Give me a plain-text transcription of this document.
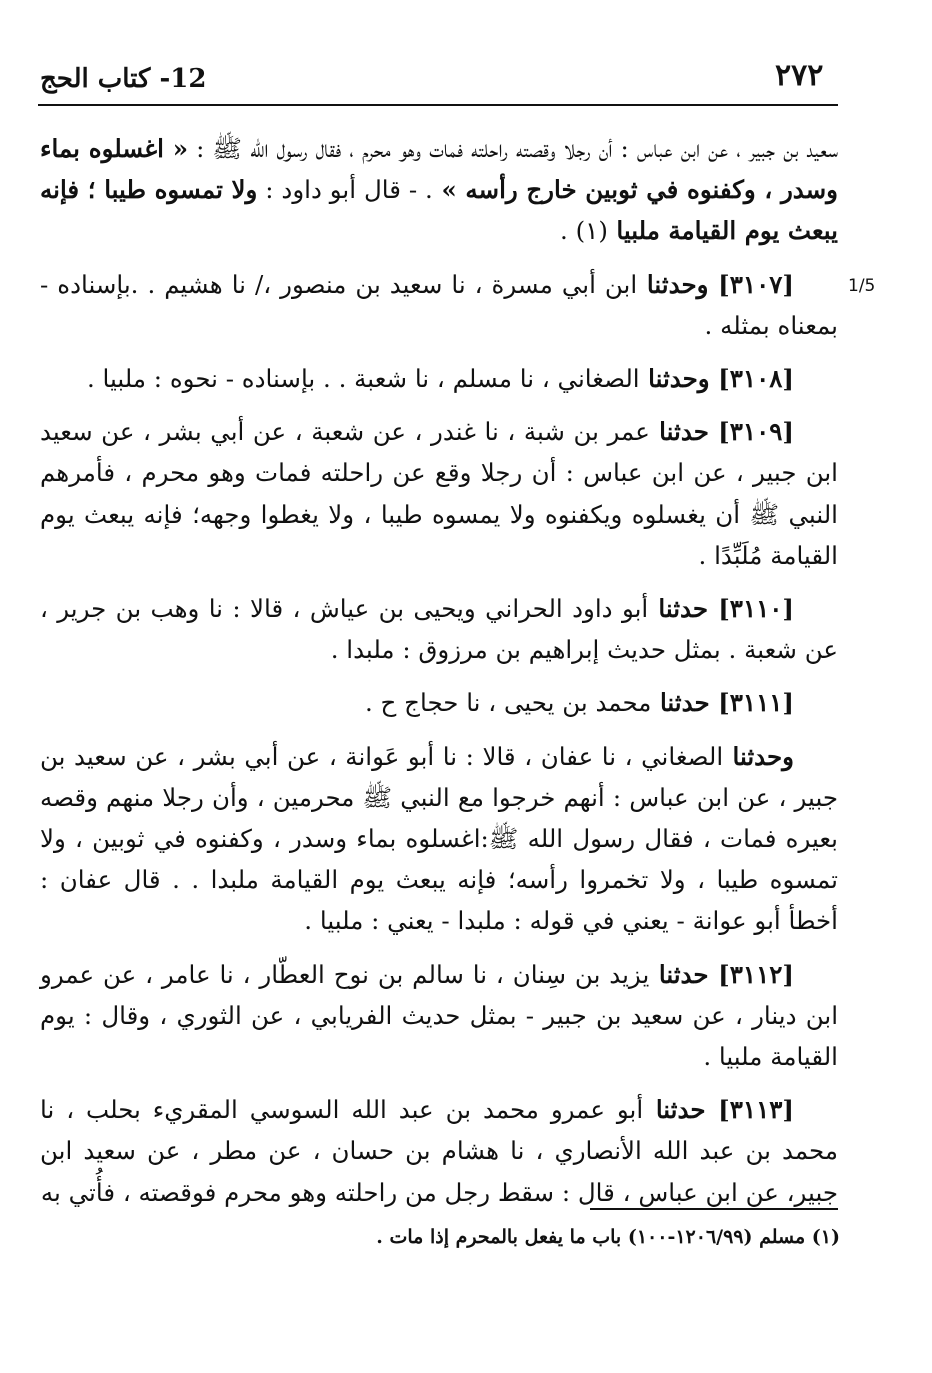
12- كتاب الحج	٢٧٢
1/5

سعيد بن جبير ، عن ابن عباس : أن رجلا وقصته راحلته فمات وهو محرم ، فقال رسول الله ﷺ : « اغسلوه بماء وسدر ، وكفنوه في ثوبين خارج رأسه » . - قال أبو داود : ولا تمسوه طيبا ؛ فإنه يبعث يوم القيامة ملبيا (١) .

[٣١٠٧] وحدثنا ابن أبي مسرة ، نا سعيد بن منصور ،/ نا هشيم . .بإسناده - بمعناه بمثله .

[٣١٠٨] وحدثنا الصغاني ، نا مسلم ، نا شعبة . . بإسناده - نحوه : ملبيا .

[٣١٠٩] حدثنا عمر بن شبة ، نا غندر ، عن شعبة ، عن أبي بشر ، عن سعيد ابن جبير ، عن ابن عباس : أن رجلا وقع عن راحلته فمات وهو محرم ، فأمرهم النبي ﷺ أن يغسلوه ويكفنوه ولا يمسوه طيبا ، ولا يغطوا وجهه؛ فإنه يبعث يوم القيامة مُلَبِّدًا .

[٣١١٠] حدثنا أبو داود الحراني ويحيى بن عياش ، قالا : نا وهب بن جرير ، عن شعبة . بمثل حديث إبراهيم بن مرزوق : ملبدا .

[٣١١١] حدثنا محمد بن يحيى ، نا حجاج ح .

وحدثنا الصغاني ، نا عفان ، قالا : نا أبو عَوانة ، عن أبي بشر ، عن سعيد بن جبير ، عن ابن عباس : أنهم خرجوا مع النبي ﷺ محرمين ، وأن رجلا منهم وقصه بعيره فمات ، فقال رسول الله ﷺ:اغسلوه بماء وسدر ، وكفنوه في ثوبين ، ولا تمسوه طيبا ، ولا تخمروا رأسه؛ فإنه يبعث يوم القيامة ملبدا . . قال عفان : أخطأ أبو عوانة - يعني في قوله : ملبدا - يعني : ملبيا .

[٣١١٢] حدثنا يزيد بن سِنان ، نا سالم بن نوح العطّار ، نا عامر ، عن عمرو ابن دينار ، عن سعيد بن جبير - بمثل حديث الفريابي ، عن الثوري ، وقال : يوم القيامة ملبيا .

[٣١١٣] حدثنا أبو عمرو محمد بن عبد الله السوسي المقريء بحلب ، نا محمد بن عبد الله الأنصاري ، نا هشام بن حسان ، عن مطر ، عن سعيد ابن جبير، عن ابن عباس ، قال : سقط رجل من راحلته وهو محرم فوقصته ، فأُتي به

(١) مسلم (١٢٠٦/٩٩-١٠٠) باب ما يفعل بالمحرم إذا مات .
